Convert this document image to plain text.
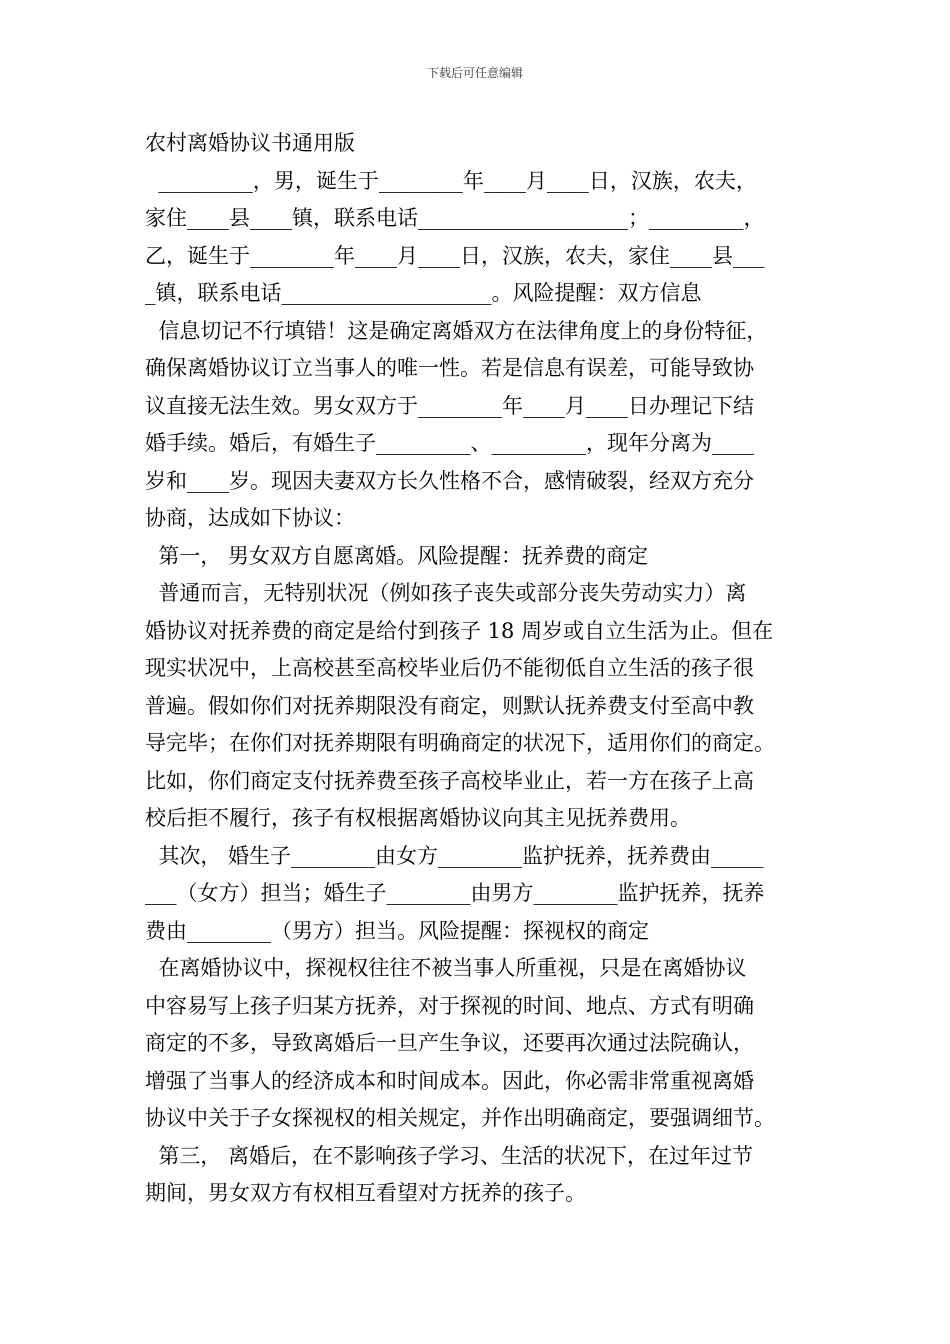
下载后可任意编辑
农村离婚协议书通用版
_________，男，诞生于________年____月____日，汉族，农夫，
家住____县____镇，联系电话____________________；_________，
乙，诞生于________年____月____日，汉族，农夫，家住____县___
_镇，联系电话____________________。风险提醒：双方信息
信息切记不行填错！这是确定离婚双方在法律角度上的身份特征，
确保离婚协议订立当事人的唯一性。若是信息有误差，可能导致协
议直接无法生效。男女双方于________年____月____日办理记下结
婚手续。婚后，有婚生子_________、_________，现年分离为____
岁和____岁。现因夫妻双方长久性格不合，感情破裂，经双方充分
协商，达成如下协议：
第一， 男女双方自愿离婚。风险提醒：抚养费的商定
普通而言，无特别状况（例如孩子丧失或部分丧失劳动实力）离
婚协议对抚养费的商定是给付到孩子 18 周岁或自立生活为止。但在
现实状况中，上高校甚至高校毕业后仍不能彻低自立生活的孩子很
普遍。假如你们对抚养期限没有商定，则默认抚养费支付至高中教
导完毕；在你们对抚养期限有明确商定的状况下，适用你们的商定。
比如，你们商定支付抚养费至孩子高校毕业止，若一方在孩子上高
校后拒不履行，孩子有权根据离婚协议向其主见抚养费用。
其次， 婚生子________由女方________监护抚养，抚养费由_____
___（女方）担当；婚生子________由男方________监护抚养，抚养
费由________（男方）担当。风险提醒：探视权的商定
在离婚协议中，探视权往往不被当事人所重视，只是在离婚协议
中容易写上孩子归某方抚养，对于探视的时间、地点、方式有明确
商定的不多，导致离婚后一旦产生争议，还要再次通过法院确认，
增强了当事人的经济成本和时间成本。因此，你必需非常重视离婚
协议中关于子女探视权的相关规定，并作出明确商定，要强调细节。
第三， 离婚后，在不影响孩子学习、生活的状况下，在过年过节
期间，男女双方有权相互看望对方抚养的孩子。
